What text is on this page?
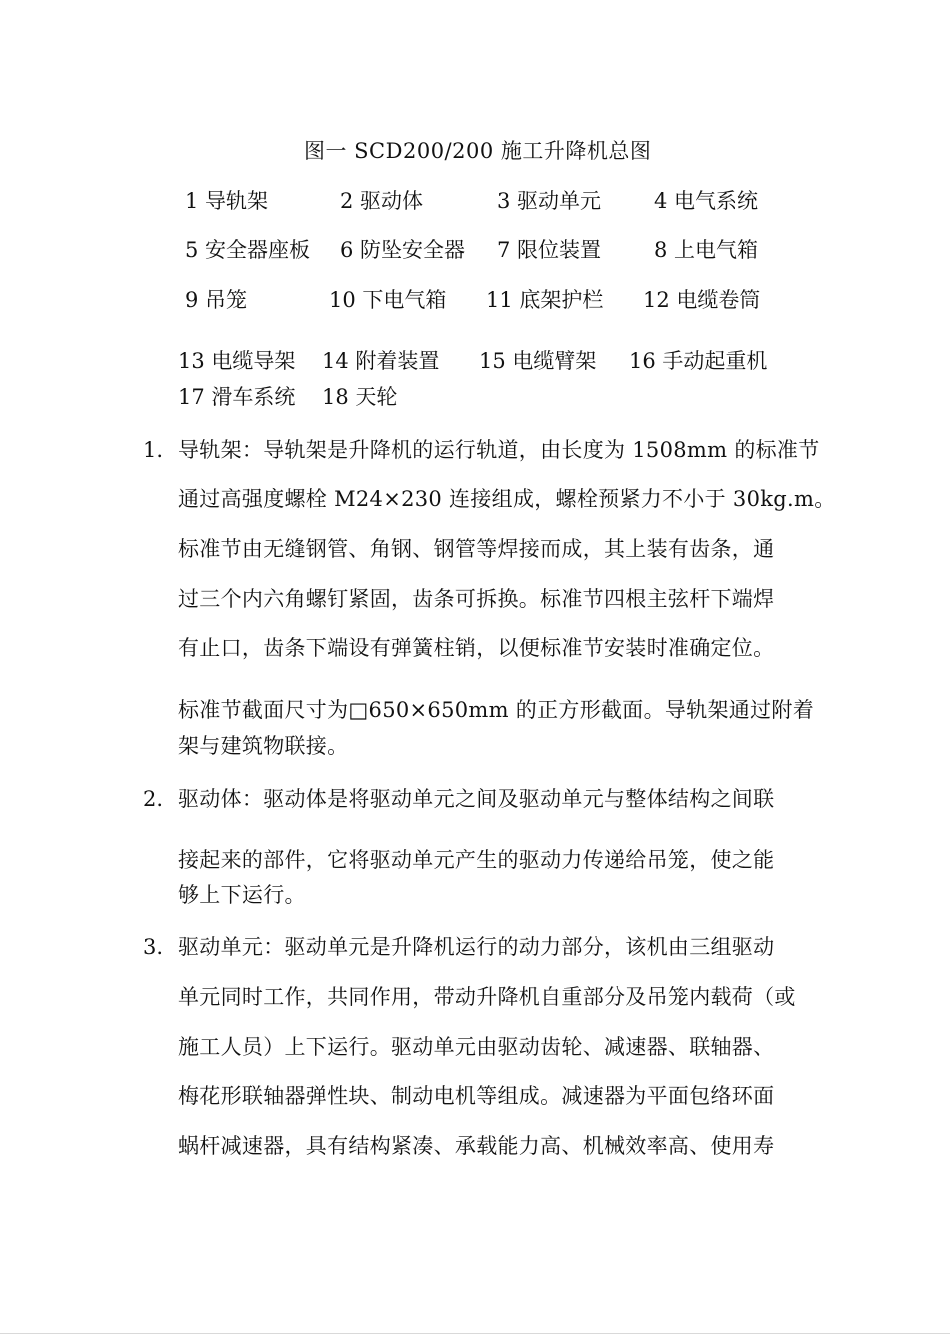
图一 SCD200/200 施工升降机总图
1 导轨架	2 驱动体	3 驱动单元	4 电气系统
5 安全器座板 6 防坠安全器 7 限位装置	8 上电气箱
9 吊笼	10 下电气箱 11 底架护栏 12 电缆卷筒
13 电缆导架 14 附着装置 15 电缆臂架 16 手动起重机
17 滑车系统 18 天轮
1. 导轨架：导轨架是升降机的运行轨道，由长度为 1508mm 的标准节
通过高强度螺栓 M24×230 连接组成，螺栓预紧力不小于 30kg.m。
标准节由无缝钢管、角钢、钢管等焊接而成，其上装有齿条，通
过三个内六角螺钉紧固，齿条可拆换。标准节四根主弦杆下端焊
有止口，齿条下端设有弹簧柱销，以便标准节安装时准确定位。
标准节截面尺寸为□650×650mm 的正方形截面。导轨架通过附着
架与建筑物联接。
2. 驱动体：驱动体是将驱动单元之间及驱动单元与整体结构之间联
接起来的部件，它将驱动单元产生的驱动力传递给吊笼，使之能
够上下运行。
3. 驱动单元：驱动单元是升降机运行的动力部分，该机由三组驱动
单元同时工作，共同作用，带动升降机自重部分及吊笼内载荷（或
施工人员）上下运行。驱动单元由驱动齿轮、减速器、联轴器、
梅花形联轴器弹性块、制动电机等组成。减速器为平面包络环面
蜗杆减速器，具有结构紧凑、承载能力高、机械效率高、使用寿
